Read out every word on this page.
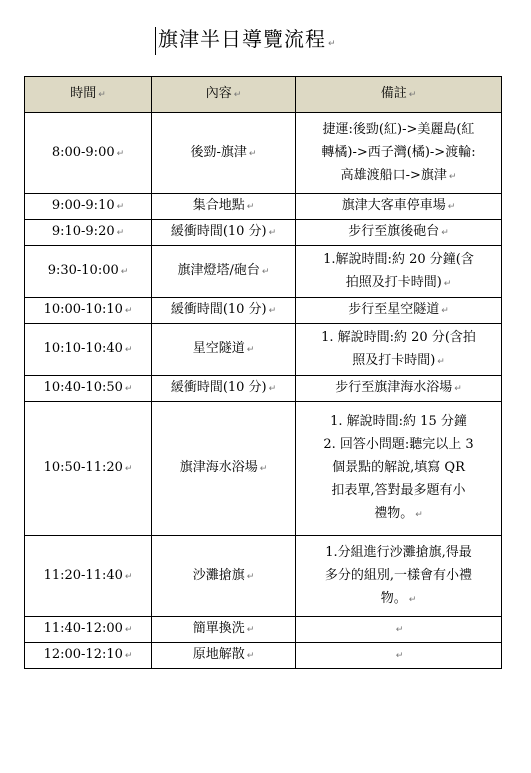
旗津半日導覽流程 ↵
時間 ↵	內容 ↵	備註 ↵
8:00-9:00 ↵	後勁-旗津 ↵	捷運:後勁(紅)->美麗島(紅
轉橘)->西子灣(橘)->渡輪:
高雄渡船口->旗津 ↵

9:00-9:10 ↵	集合地點 ↵	旗津大客車停車場 ↵

9:10-9:20 ↵	緩衝時間(10 分) ↵	步行至旗後砲台 ↵

9:30-10:00 ↵	旗津燈塔/砲台 ↵	1.解說時間:約 20 分鐘(含
拍照及打卡時間) ↵

10:00-10:10 ↵	緩衝時間(10 分) ↵	步行至星空隧道 ↵

10:10-10:40 ↵	星空隧道 ↵	1. 解說時間:約 20 分(含拍
照及打卡時間) ↵

10:40-10:50 ↵	緩衝時間(10 分) ↵	步行至旗津海水浴場 ↵

10:50-11:20 ↵	旗津海水浴場 ↵	1. 解說時間:約 15 分鐘
2. 回答小問題:聽完以上 3
個景點的解說,填寫 QR
扣表單,答對最多題有小
禮物。 ↵

11:20-11:40 ↵	沙灘搶旗 ↵	1.分組進行沙灘搶旗,得最
多分的組別,一樣會有小禮
物。 ↵

11:40-12:00 ↵	簡單換洗 ↵	↵

12:00-12:10 ↵	原地解散 ↵	↵
